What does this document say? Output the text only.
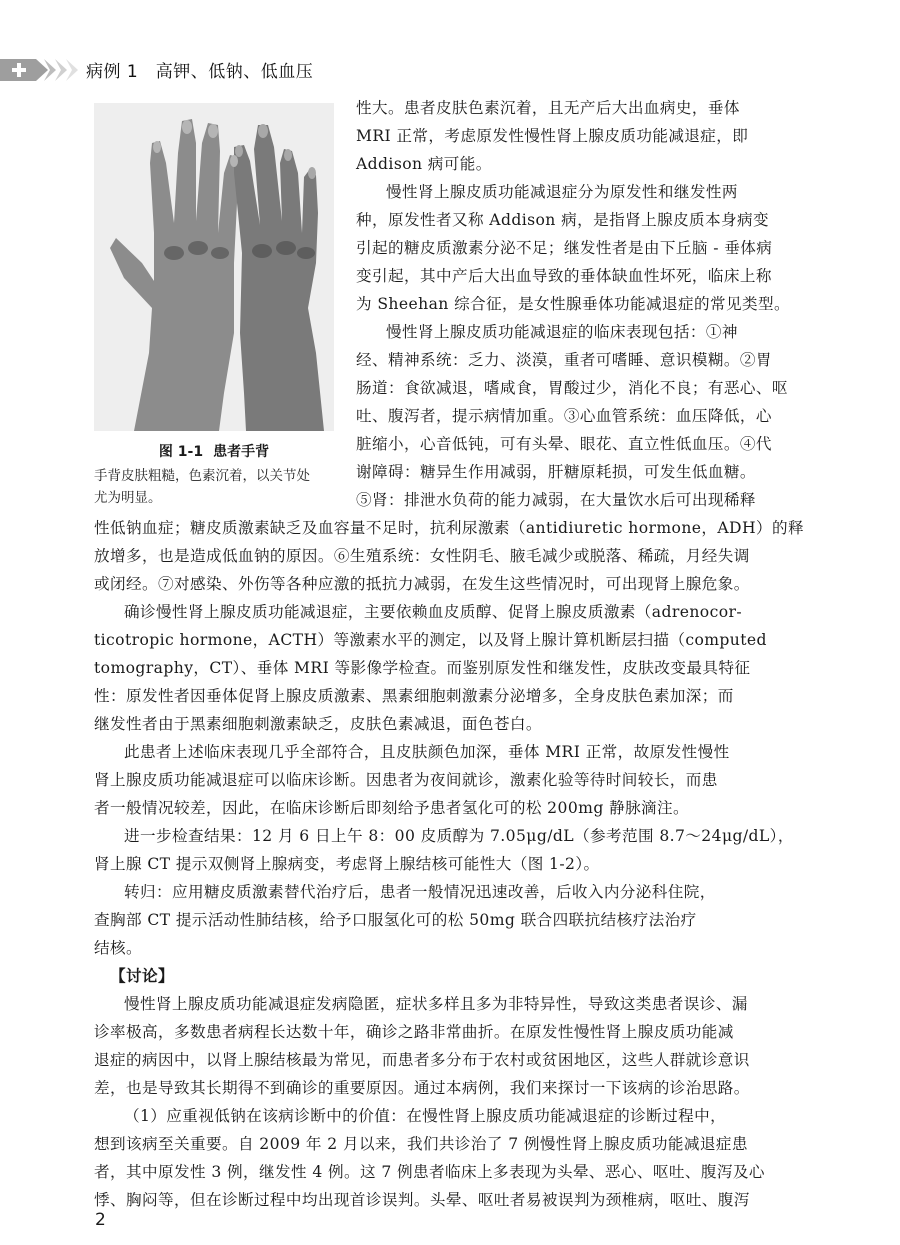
病例 1　高钾、低钠、低血压
图 1-1 患者手背
手背皮肤粗糙，色素沉着，以关节处
尤为明显。
性大。患者皮肤色素沉着，且无产后大出血病史，垂体
MRI 正常，考虑原发性慢性肾上腺皮质功能减退症，即
Addison 病可能。
慢性肾上腺皮质功能减退症分为原发性和继发性两
种，原发性者又称 Addison 病，是指肾上腺皮质本身病变
引起的糖皮质激素分泌不足；继发性者是由下丘脑 - 垂体病
变引起，其中产后大出血导致的垂体缺血性坏死，临床上称
为 Sheehan 综合征，是女性腺垂体功能减退症的常见类型。
慢性肾上腺皮质功能减退症的临床表现包括：①神
经、精神系统：乏力、淡漠，重者可嗜睡、意识模糊。②胃
肠道：食欲减退，嗜咸食，胃酸过少，消化不良；有恶心、呕
吐、腹泻者，提示病情加重。③心血管系统：血压降低，心
脏缩小，心音低钝，可有头晕、眼花、直立性低血压。④代
谢障碍：糖异生作用减弱，肝糖原耗损，可发生低血糖。
⑤肾：排泄水负荷的能力减弱，在大量饮水后可出现稀释
性低钠血症；糖皮质激素缺乏及血容量不足时，抗利尿激素（antidiuretic hormone，ADH）的释
放增多，也是造成低血钠的原因。⑥生殖系统：女性阴毛、腋毛减少或脱落、稀疏，月经失调
或闭经。⑦对感染、外伤等各种应激的抵抗力减弱，在发生这些情况时，可出现肾上腺危象。
确诊慢性肾上腺皮质功能减退症，主要依赖血皮质醇、促肾上腺皮质激素（adrenocor-
ticotropic hormone，ACTH）等激素水平的测定，以及肾上腺计算机断层扫描（computed
tomography，CT）、垂体 MRI 等影像学检查。而鉴别原发性和继发性，皮肤改变最具特征
性：原发性者因垂体促肾上腺皮质激素、黑素细胞刺激素分泌增多，全身皮肤色素加深；而
继发性者由于黑素细胞刺激素缺乏，皮肤色素减退，面色苍白。
此患者上述临床表现几乎全部符合，且皮肤颜色加深，垂体 MRI 正常，故原发性慢性
肾上腺皮质功能减退症可以临床诊断。因患者为夜间就诊，激素化验等待时间较长，而患
者一般情况较差，因此，在临床诊断后即刻给予患者氢化可的松 200mg 静脉滴注。
进一步检查结果：12 月 6 日上午 8：00 皮质醇为 7.05μg/dL（参考范围 8.7～24μg/dL），
肾上腺 CT 提示双侧肾上腺病变，考虑肾上腺结核可能性大（图 1-2）。
转归：应用糖皮质激素替代治疗后，患者一般情况迅速改善，后收入内分泌科住院，
查胸部 CT 提示活动性肺结核，给予口服氢化可的松 50mg 联合四联抗结核疗法治疗
结核。
【讨论】
慢性肾上腺皮质功能减退症发病隐匿，症状多样且多为非特异性，导致这类患者误诊、漏
诊率极高，多数患者病程长达数十年，确诊之路非常曲折。在原发性慢性肾上腺皮质功能减
退症的病因中，以肾上腺结核最为常见，而患者多分布于农村或贫困地区，这些人群就诊意识
差，也是导致其长期得不到确诊的重要原因。通过本病例，我们来探讨一下该病的诊治思路。
（1）应重视低钠在该病诊断中的价值：在慢性肾上腺皮质功能减退症的诊断过程中，
想到该病至关重要。自 2009 年 2 月以来，我们共诊治了 7 例慢性肾上腺皮质功能减退症患
者，其中原发性 3 例，继发性 4 例。这 7 例患者临床上多表现为头晕、恶心、呕吐、腹泻及心
悸、胸闷等，但在诊断过程中均出现首诊误判。头晕、呕吐者易被误判为颈椎病，呕吐、腹泻
2
